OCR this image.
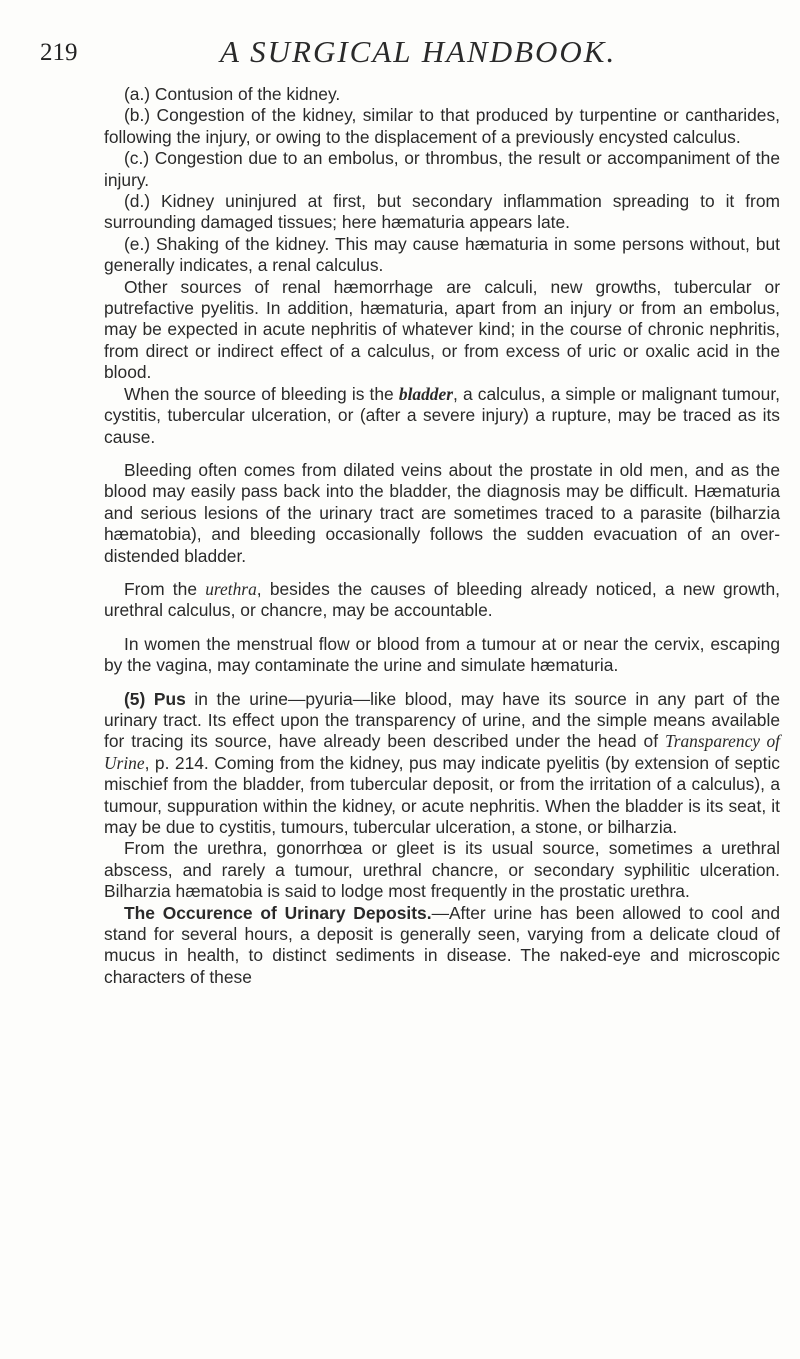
219	A SURGICAL HANDBOOK.

(a.) Contusion of the kidney.

(b.) Congestion of the kidney, similar to that produced by turpentine or cantharides, following the injury, or owing to the displacement of a previously encysted calculus.

(c.) Congestion due to an embolus, or thrombus, the result or accompaniment of the injury.

(d.) Kidney uninjured at first, but secondary inflammation spreading to it from surrounding damaged tissues; here hæmaturia appears late.

(e.) Shaking of the kidney. This may cause hæmaturia in some persons without, but generally indicates, a renal calculus.

Other sources of renal hæmorrhage are calculi, new growths, tubercular or putrefactive pyelitis. In addition, hæmaturia, apart from an injury or from an embolus, may be expected in acute nephritis of whatever kind; in the course of chronic nephritis, from direct or indirect effect of a calculus, or from excess of uric or oxalic acid in the blood.

When the source of bleeding is the bladder, a calculus, a simple or malignant tumour, cystitis, tubercular ulceration, or (after a severe injury) a rupture, may be traced as its cause.

Bleeding often comes from dilated veins about the prostate in old men, and as the blood may easily pass back into the bladder, the diagnosis may be difficult. Hæmaturia and serious lesions of the urinary tract are sometimes traced to a parasite (bilharzia hæmatobia), and bleeding occasionally follows the sudden evacuation of an over-distended bladder.

From the urethra, besides the causes of bleeding already noticed, a new growth, urethral calculus, or chancre, may be accountable.

In women the menstrual flow or blood from a tumour at or near the cervix, escaping by the vagina, may contaminate the urine and simulate hæmaturia.

(5) Pus in the urine—pyuria—like blood, may have its source in any part of the urinary tract. Its effect upon the transparency of urine, and the simple means available for tracing its source, have already been described under the head of Transparency of Urine, p. 214. Coming from the kidney, pus may indicate pyelitis (by extension of septic mischief from the bladder, from tubercular deposit, or from the irritation of a calculus), a tumour, suppuration within the kidney, or acute nephritis. When the bladder is its seat, it may be due to cystitis, tumours, tubercular ulceration, a stone, or bilharzia.

From the urethra, gonorrhœa or gleet is its usual source, sometimes a urethral abscess, and rarely a tumour, urethral chancre, or secondary syphilitic ulceration. Bilharzia hæmatobia is said to lodge most frequently in the prostatic urethra.

The Occurence of Urinary Deposits.—After urine has been allowed to cool and stand for several hours, a deposit is generally seen, varying from a delicate cloud of mucus in health, to distinct sediments in disease. The naked-eye and microscopic characters of these
